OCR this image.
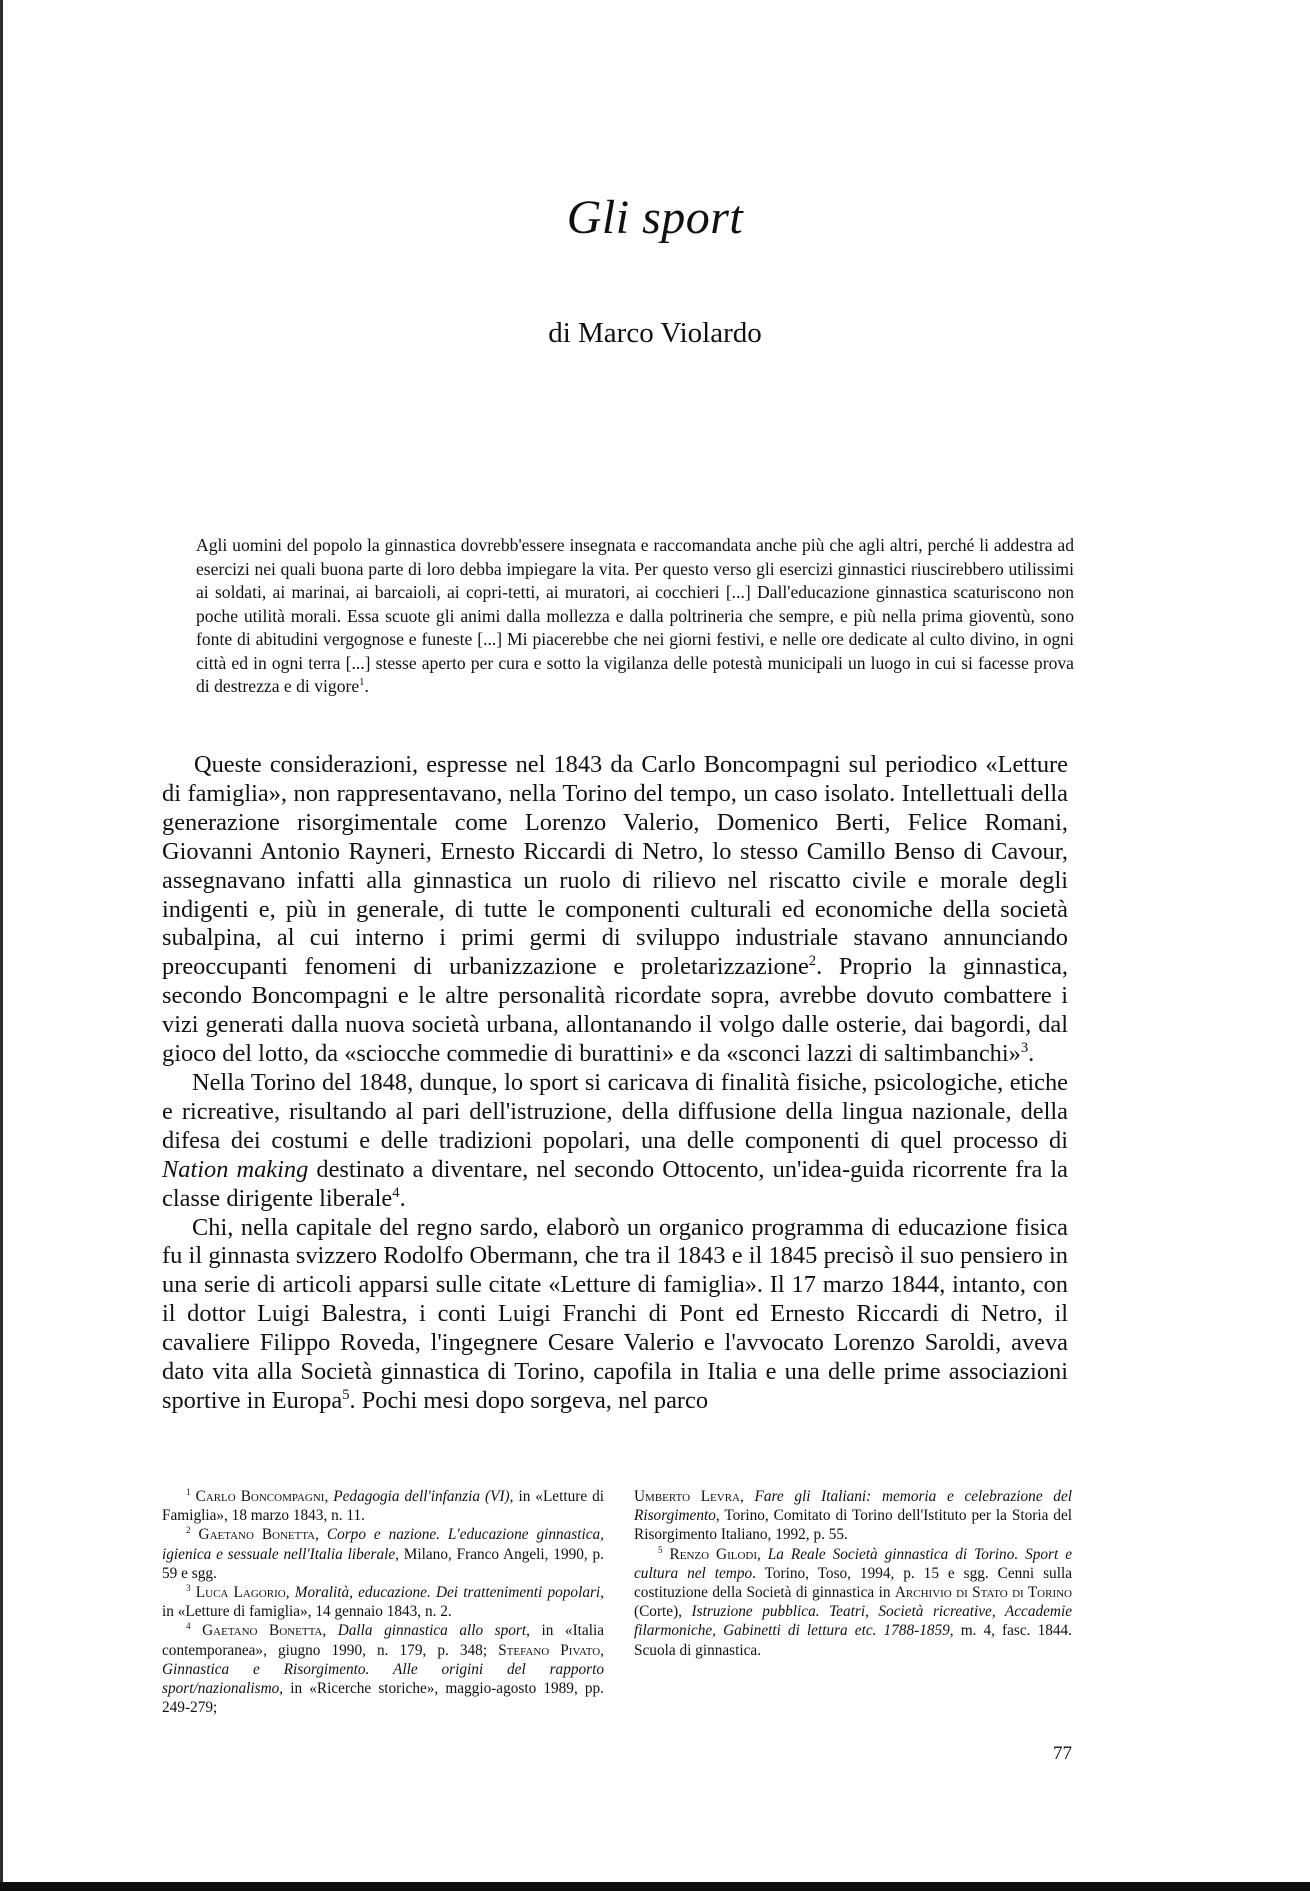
Gli sport

di Marco Violardo

Agli uomini del popolo la ginnastica dovrebb'essere insegnata e raccomandata anche più che agli altri, perché li addestra ad esercizi nei quali buona parte di loro debba impiegare la vita. Per questo verso gli esercizi ginnastici riuscirebbero utilissimi ai soldati, ai marinai, ai barcaioli, ai copri-tetti, ai muratori, ai cocchieri [...] Dall'educazione ginnastica scaturiscono non poche utilità morali. Essa scuote gli animi dalla mollezza e dalla poltrineria che sempre, e più nella prima gioventù, sono fonte di abitudini vergognose e funeste [...] Mi piacerebbe che nei giorni festivi, e nelle ore dedicate al culto divino, in ogni città ed in ogni terra [...] stesse aperto per cura e sotto la vigilanza delle potestà municipali un luogo in cui si facesse prova di destrezza e di vigore$^1$.

Queste considerazioni, espresse nel 1843 da Carlo Boncompagni sul periodico «Letture di famiglia», non rappresentavano, nella Torino del tempo, un caso isolato. Intellettuali della generazione risorgimentale come Lorenzo Valerio, Domenico Berti, Felice Romani, Giovanni Antonio Rayneri, Ernesto Riccardi di Netro, lo stesso Camillo Benso di Cavour, assegnavano infatti alla ginnastica un ruolo di rilievo nel riscatto civile e morale degli indigenti e, più in generale, di tutte le componenti culturali ed economiche della società subalpina, al cui interno i primi germi di sviluppo industriale stavano annunciando preoccupanti fenomeni di urbanizzazione e proletarizzazione$^2$. Proprio la ginnastica, secondo Boncompagni e le altre personalità ricordate sopra, avrebbe dovuto combattere i vizi generati dalla nuova società urbana, allontanando il volgo dalle osterie, dai bagordi, dal gioco del lotto, da «sciocche commedie di burattini» e da «sconci lazzi di saltimbanchi»$^3$.

Nella Torino del 1848, dunque, lo sport si caricava di finalità fisiche, psicologiche, etiche e ricreative, risultando al pari dell'istruzione, della diffusione della lingua nazionale, della difesa dei costumi e delle tradizioni popolari, una delle componenti di quel processo di Nation making destinato a diventare, nel secondo Ottocento, un'idea-guida ricorrente fra la classe dirigente liberale$^4$.

Chi, nella capitale del regno sardo, elaborò un organico programma di educazione fisica fu il ginnasta svizzero Rodolfo Obermann, che tra il 1843 e il 1845 precisò il suo pensiero in una serie di articoli apparsi sulle citate «Letture di famiglia». Il 17 marzo 1844, intanto, con il dottor Luigi Balestra, i conti Luigi Franchi di Pont ed Ernesto Riccardi di Netro, il cavaliere Filippo Roveda, l'ingegnere Cesare Valerio e l'avvocato Lorenzo Saroldi, aveva dato vita alla Società ginnastica di Torino, capofila in Italia e una delle prime associazioni sportive in Europa$^5$. Pochi mesi dopo sorgeva, nel parco

$^1$ Carlo Boncompagni, Pedagogia dell'infanzia (VI), in «Letture di Famiglia», 18 marzo 1843, n. 11.

$^2$ Gaetano Bonetta, Corpo e nazione. L'educazione ginnastica, igienica e sessuale nell'Italia liberale, Milano, Franco Angeli, 1990, p. 59 e sgg.

$^3$ Luca Lagorio, Moralità, educazione. Dei trattenimenti popolari, in «Letture di famiglia», 14 gennaio 1843, n. 2.

$^4$ Gaetano Bonetta, Dalla ginnastica allo sport, in «Italia contemporanea», giugno 1990, n. 179, p. 348; Stefano Pivato, Ginnastica e Risorgimento. Alle origini del rapporto sport/nazionalismo, in «Ricerche storiche», maggio-agosto 1989, pp. 249-279;

Umberto Levra, Fare gli Italiani: memoria e celebrazione del Risorgimento, Torino, Comitato di Torino dell'Istituto per la Storia del Risorgimento Italiano, 1992, p. 55.

$^5$ Renzo Gilodi, La Reale Società ginnastica di Torino. Sport e cultura nel tempo. Torino, Toso, 1994, p. 15 e sgg. Cenni sulla costituzione della Società di ginnastica in Archivio di Stato di Torino (Corte), Istruzione pubblica. Teatri, Società ricreative, Accademie filarmoniche, Gabinetti di lettura etc. 1788-1859, m. 4, fasc. 1844. Scuola di ginnastica.

77
